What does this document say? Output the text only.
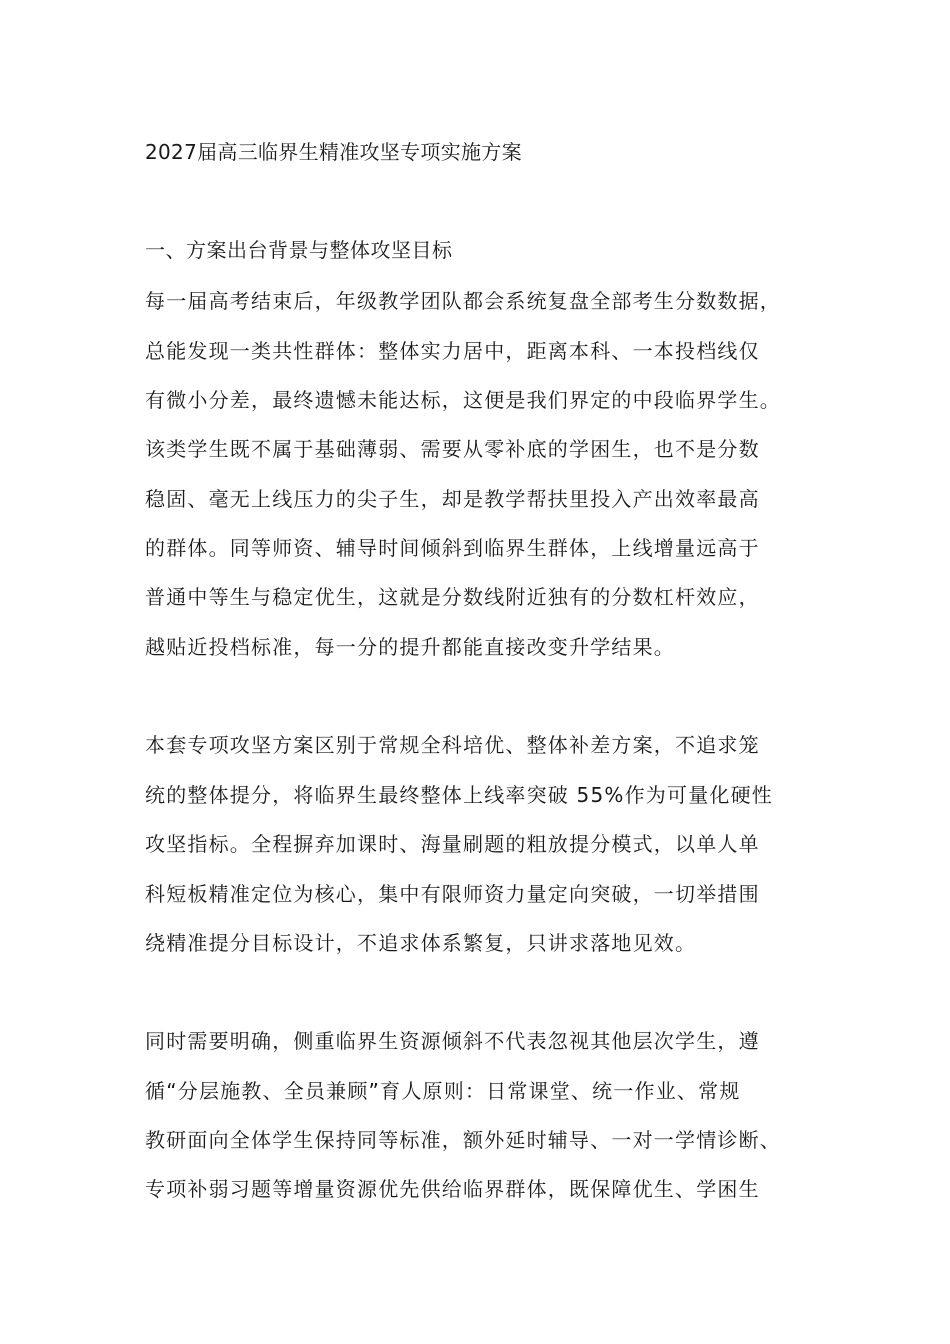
2027届高三临界生精准攻坚专项实施方案
一、方案出台背景与整体攻坚目标
每一届高考结束后，年级教学团队都会系统复盘全部考生分数数据，
总能发现一类共性群体：整体实力居中，距离本科、一本投档线仅
有微小分差，最终遗憾未能达标，这便是我们界定的中段临界学生。
该类学生既不属于基础薄弱、需要从零补底的学困生，也不是分数
稳固、毫无上线压力的尖子生，却是教学帮扶里投入产出效率最高
的群体。同等师资、辅导时间倾斜到临界生群体，上线增量远高于
普通中等生与稳定优生，这就是分数线附近独有的分数杠杆效应，
越贴近投档标准，每一分的提升都能直接改变升学结果。
本套专项攻坚方案区别于常规全科培优、整体补差方案，不追求笼
统的整体提分，将临界生最终整体上线率突破 55%作为可量化硬性
攻坚指标。全程摒弃加课时、海量刷题的粗放提分模式，以单人单
科短板精准定位为核心，集中有限师资力量定向突破，一切举措围
绕精准提分目标设计，不追求体系繁复，只讲求落地见效。
同时需要明确，侧重临界生资源倾斜不代表忽视其他层次学生，遵
循“分层施教、全员兼顾”育人原则：日常课堂、统一作业、常规
教研面向全体学生保持同等标准，额外延时辅导、一对一学情诊断、
专项补弱习题等增量资源优先供给临界群体，既保障优生、学困生
